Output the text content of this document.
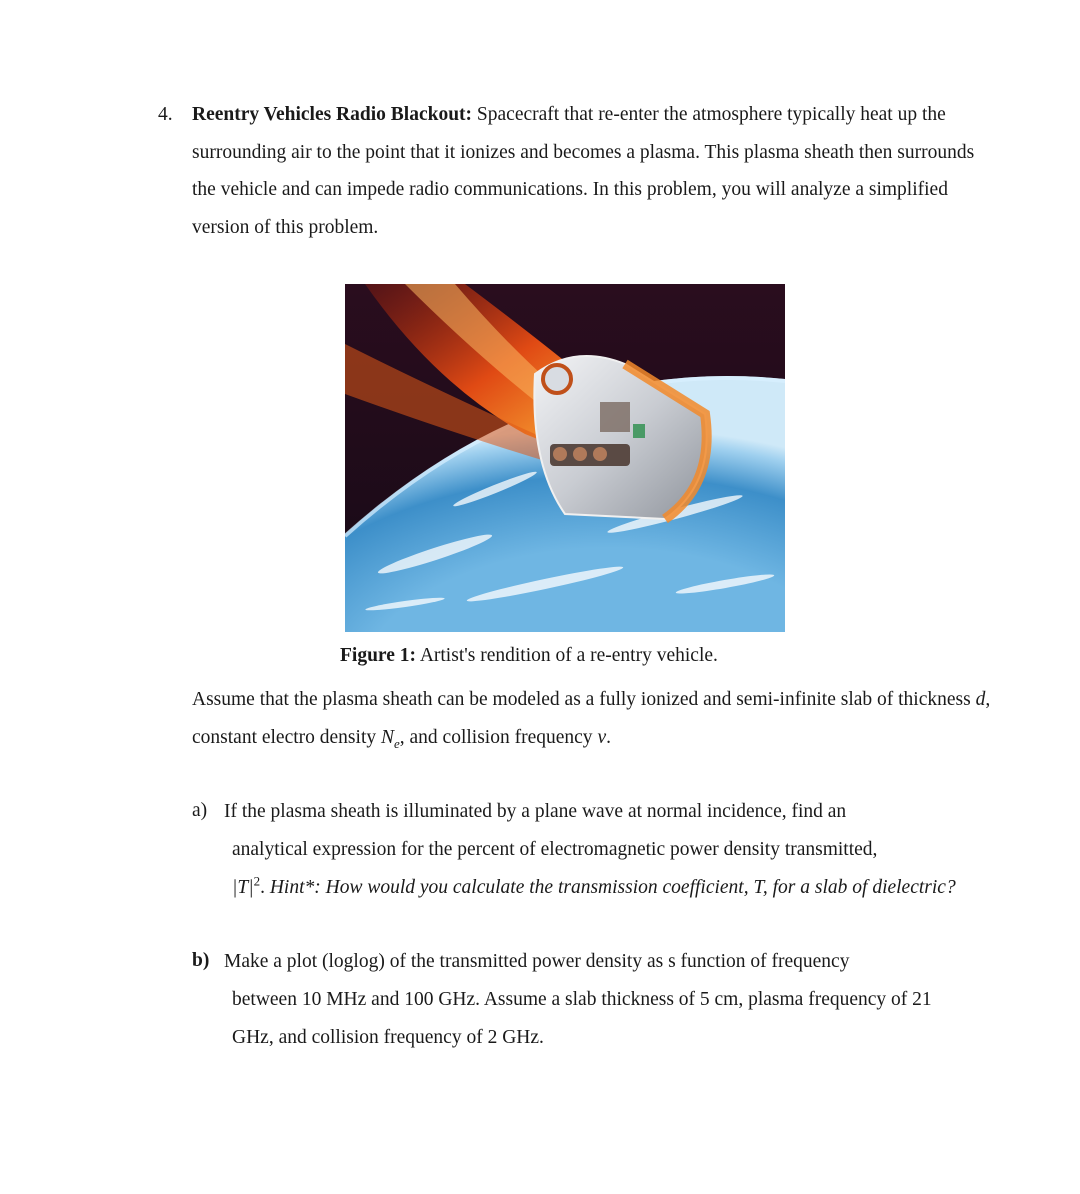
4. Reentry Vehicles Radio Blackout: Spacecraft that re-enter the atmosphere typically heat up the surrounding air to the point that it ionizes and becomes a plasma. This plasma sheath then surrounds the vehicle and can impede radio communications. In this problem, you will analyze a simplified version of this problem.
Figure 1: Artist's rendition of a re-entry vehicle.
Assume that the plasma sheath can be modeled as a fully ionized and semi-infinite slab of thickness d, constant electro density $N_e$, and collision frequency ν.
a) If the plasma sheath is illuminated by a plane wave at normal incidence, find an
analytical expression for the percent of electromagnetic power density transmitted,
$|T|^2$. Hint*: How would you calculate the transmission coefficient, T, for a slab of dielectric?
b) Make a plot (loglog) of the transmitted power density as s function of frequency
between 10 MHz and 100 GHz. Assume a slab thickness of 5 cm, plasma frequency of 21 GHz, and collision frequency of 2 GHz.
